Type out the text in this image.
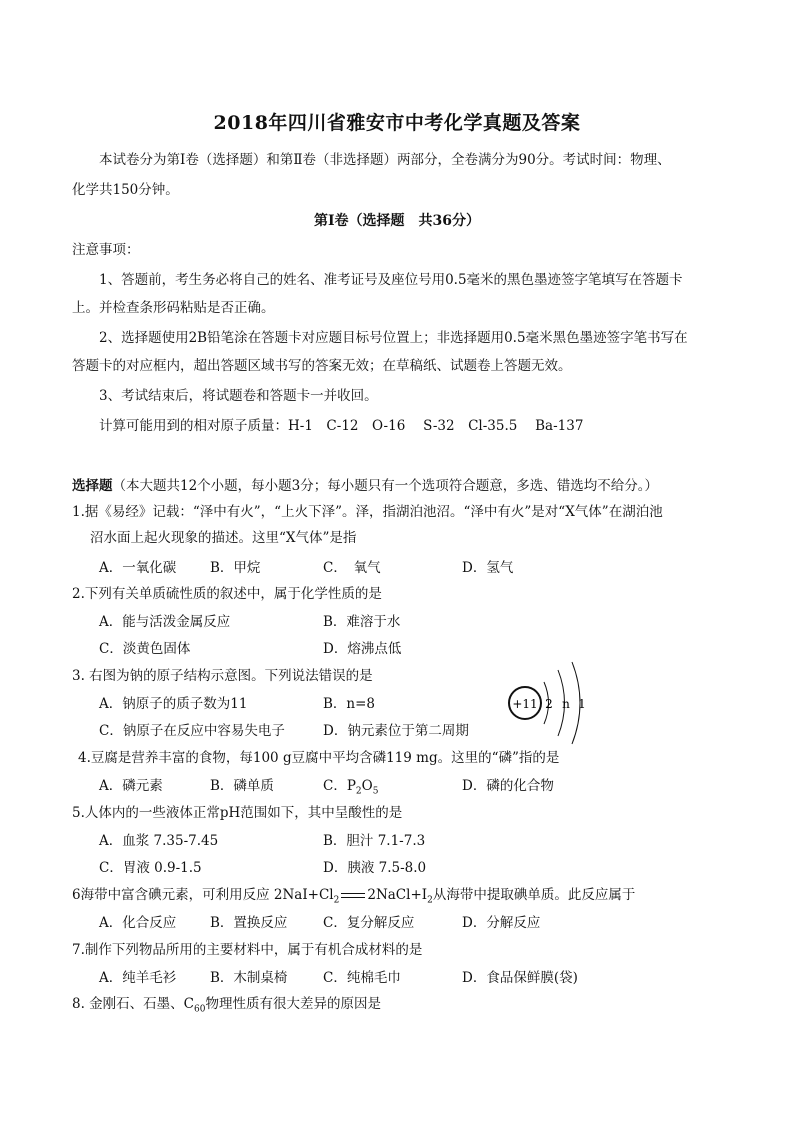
2018年四川省雅安市中考化学真题及答案
本试卷分为第Ⅰ卷（选择题）和第Ⅱ卷（非选择题）两部分，全卷满分为90分。考试时间：物理、
化学共150分钟。
第Ⅰ卷（选择题　共36分）
注意事项：
1、答题前，考生务必将自己的姓名、准考证号及座位号用0.5毫米的黑色墨迹签字笔填写在答题卡
上。并检查条形码粘贴是否正确。
2、选择题使用2B铅笔涂在答题卡对应题目标号位置上；非选择题用0.5毫米黑色墨迹签字笔书写在
答题卡的对应框内，超出答题区域书写的答案无效；在草稿纸、试题卷上答题无效。
3、考试结束后，将试题卷和答题卡一并收回。
计算可能用到的相对原子质量：H-1　C-12　O-16　 S-32　Cl-35.5　 Ba-137
选择题（本大题共12个小题，每小题3分；每小题只有一个选项符合题意，多选、错选均不给分。）
1.据《易经》记载：“泽中有火”，“上火下泽”。泽，指湖泊池沼。“泽中有火”是对“X气体”在湖泊池
沼水面上起火现象的描述。这里“X气体”是指
A．一氧化碳	B．甲烷	C．　氧气	D．氢气
2.下列有关单质硫性质的叙述中，属于化学性质的是
A．能与活泼金属反应	B．难溶于水
C．淡黄色固体	D．熔沸点低
3. 右图为钠的原子结构示意图。下列说法错误的是
A．钠原子的质子数为11	B．n=8
C．钠原子在反应中容易失电子	D．钠元素位于第二周期
+11 2 n 1
4.豆腐是营养丰富的食物，每100 g豆腐中平均含磷119 mg。这里的“磷”指的是
A．磷元素	B．磷单质	C．$P_2O_5$	D．磷的化合物
5.人体内的一些液体正常pH范围如下，其中呈酸性的是
A．血浆 7.35-7.45	B．胆汁 7.1-7.3
C．胃液 0.9-1.5	D．胰液 7.5-8.0
6海带中富含碘元素，可利用反应 $2NaI+Cl_2$ $2NaCl+I_2$从海带中提取碘单质。此反应属于
A．化合反应	B．置换反应	C．复分解反应	D．分解反应
7.制作下列物品所用的主要材料中，属于有机合成材料的是
A．纯羊毛衫	B．木制桌椅	C．纯棉毛巾	D．食品保鲜膜(袋)
8. 金刚石、石墨、$C_{60}$物理性质有很大差异的原因是
